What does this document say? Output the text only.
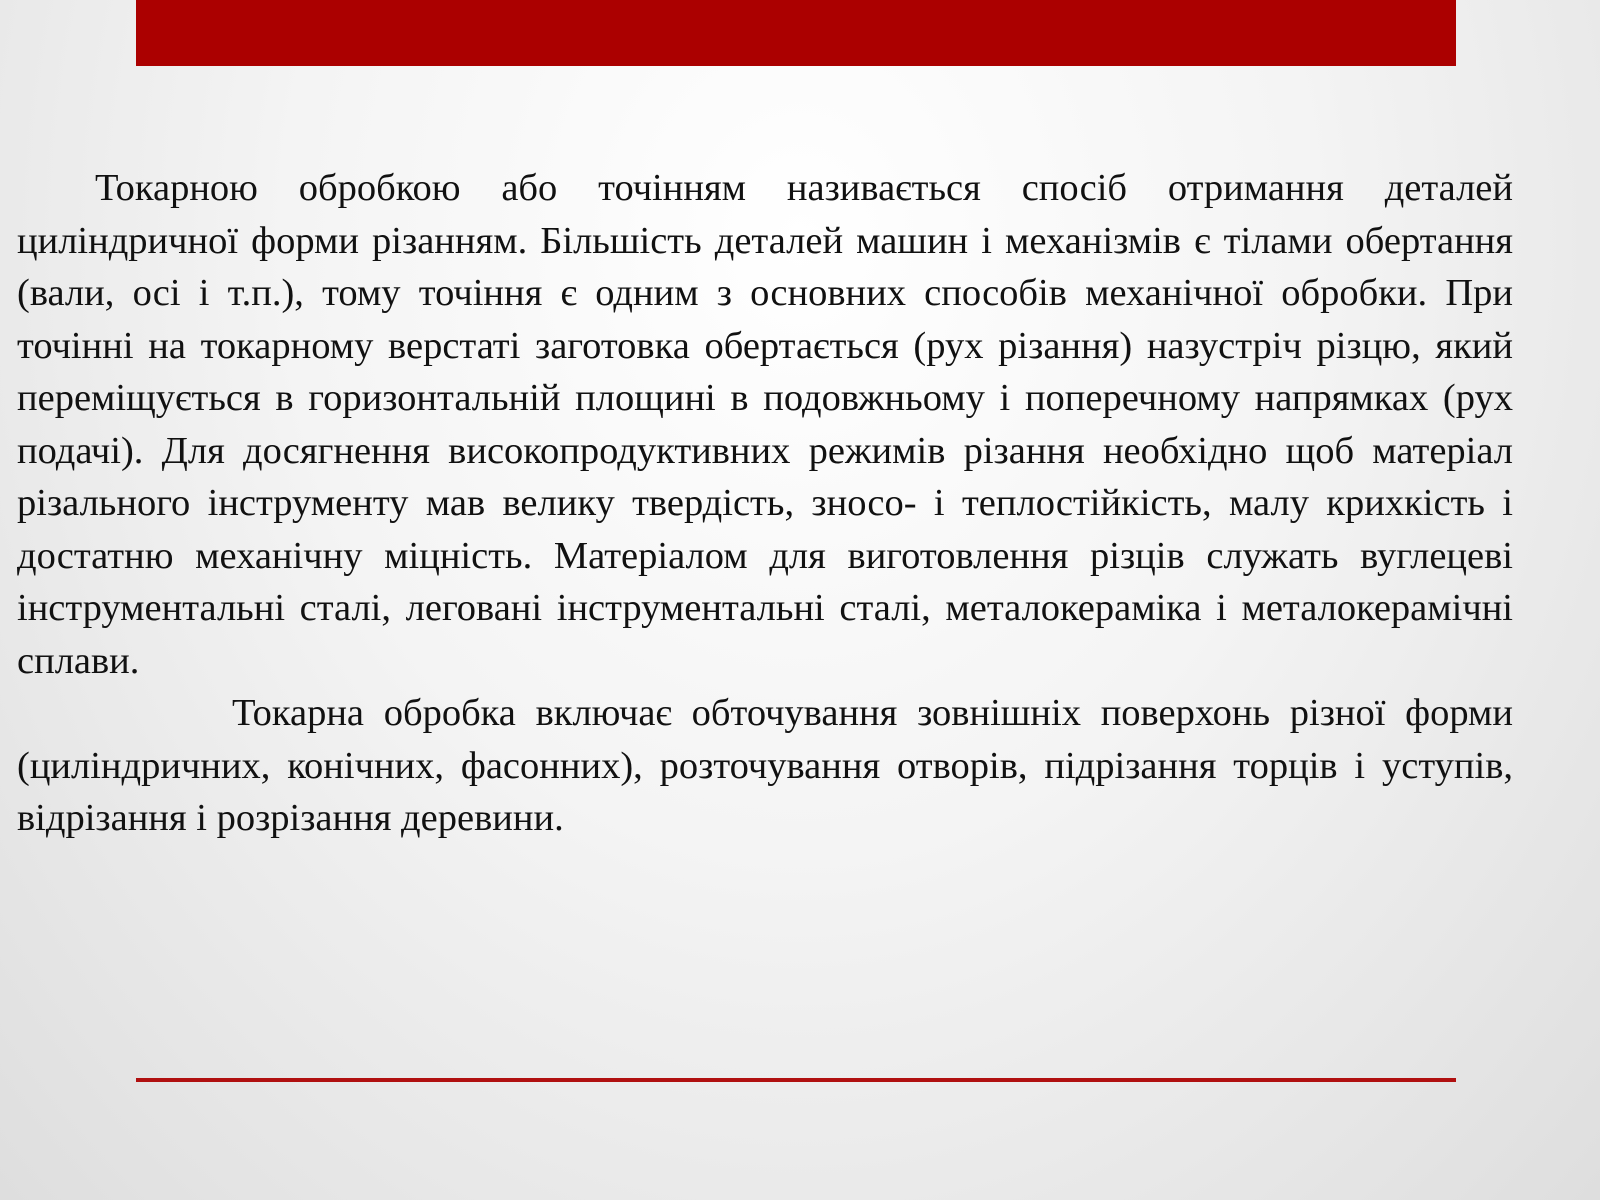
Токарною обробкою або точінням називається спосіб отримання деталей циліндричної форми різанням. Більшість деталей машин і механізмів є тілами обертання (вали, осі і т.п.), тому точіння є одним з основних способів механічної обробки. При точінні на токарному верстаті заготовка обертається (рух різання) назустріч різцю, який переміщується в горизонтальній площині в подовжньому і поперечному напрямках (рух подачі). Для досягнення високопродуктивних режимів різання необхідно щоб матеріал різального інструменту мав велику твердість, зносо- і теплостійкість, малу крихкість і достатню механічну міцність. Матеріалом для виготовлення різців служать вуглецеві інструментальні сталі, леговані інструментальні сталі, металокераміка і металокерамічні сплави.

Токарна обробка включає обточування зовнішніх поверхонь різної форми (циліндричних, конічних, фасонних), розточування отворів, підрізання торців і уступів, відрізання і розрізання деревини.
